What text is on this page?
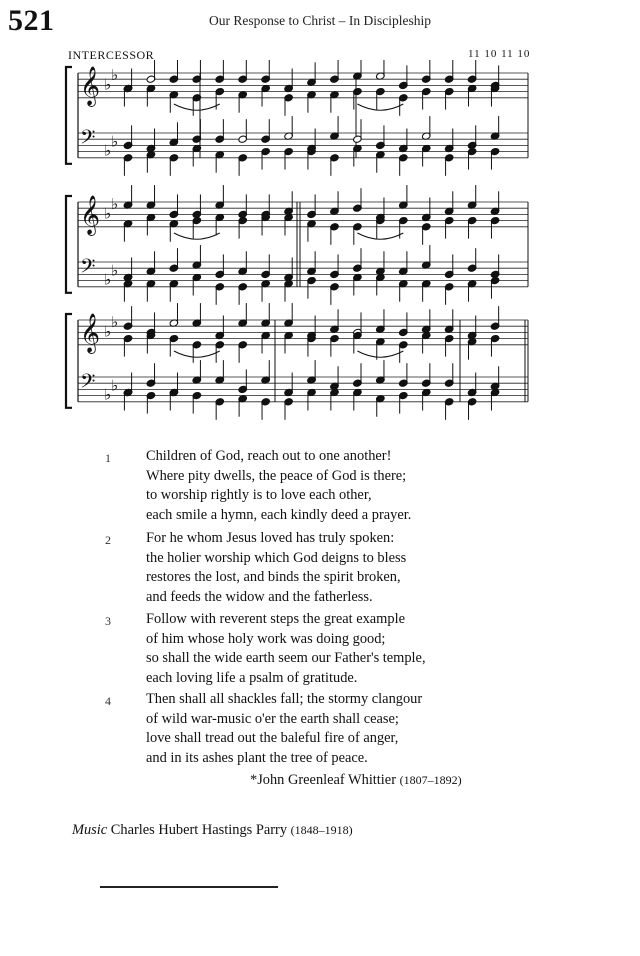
521	Our Response to Christ – In Discipleship
INTERCESSOR	11 10 11 10
𝄞 ♭
♭
𝄢 ♭
♭
𝄞 ♭
♭
𝄢 ♭
♭
𝄞 ♭
♭
𝄢 ♭
♭
1	Children of God, reach out to one another!
Where pity dwells, the peace of God is there;
to worship rightly is to love each other,
each smile a hymn, each kindly deed a prayer.
2	For he whom Jesus loved has truly spoken:
the holier worship which God deigns to bless
restores the lost, and binds the spirit broken,
and feeds the widow and the fatherless.
3	Follow with reverent steps the great example
of him whose holy work was doing good;
so shall the wide earth seem our Father's temple,
each loving life a psalm of gratitude.
4	Then shall all shackles fall; the stormy clangour
of wild war-music o'er the earth shall cease;
love shall tread out the baleful fire of anger,
and in its ashes plant the tree of peace.
*John Greenleaf Whittier (1807–1892)
Music Charles Hubert Hastings Parry (1848–1918)
